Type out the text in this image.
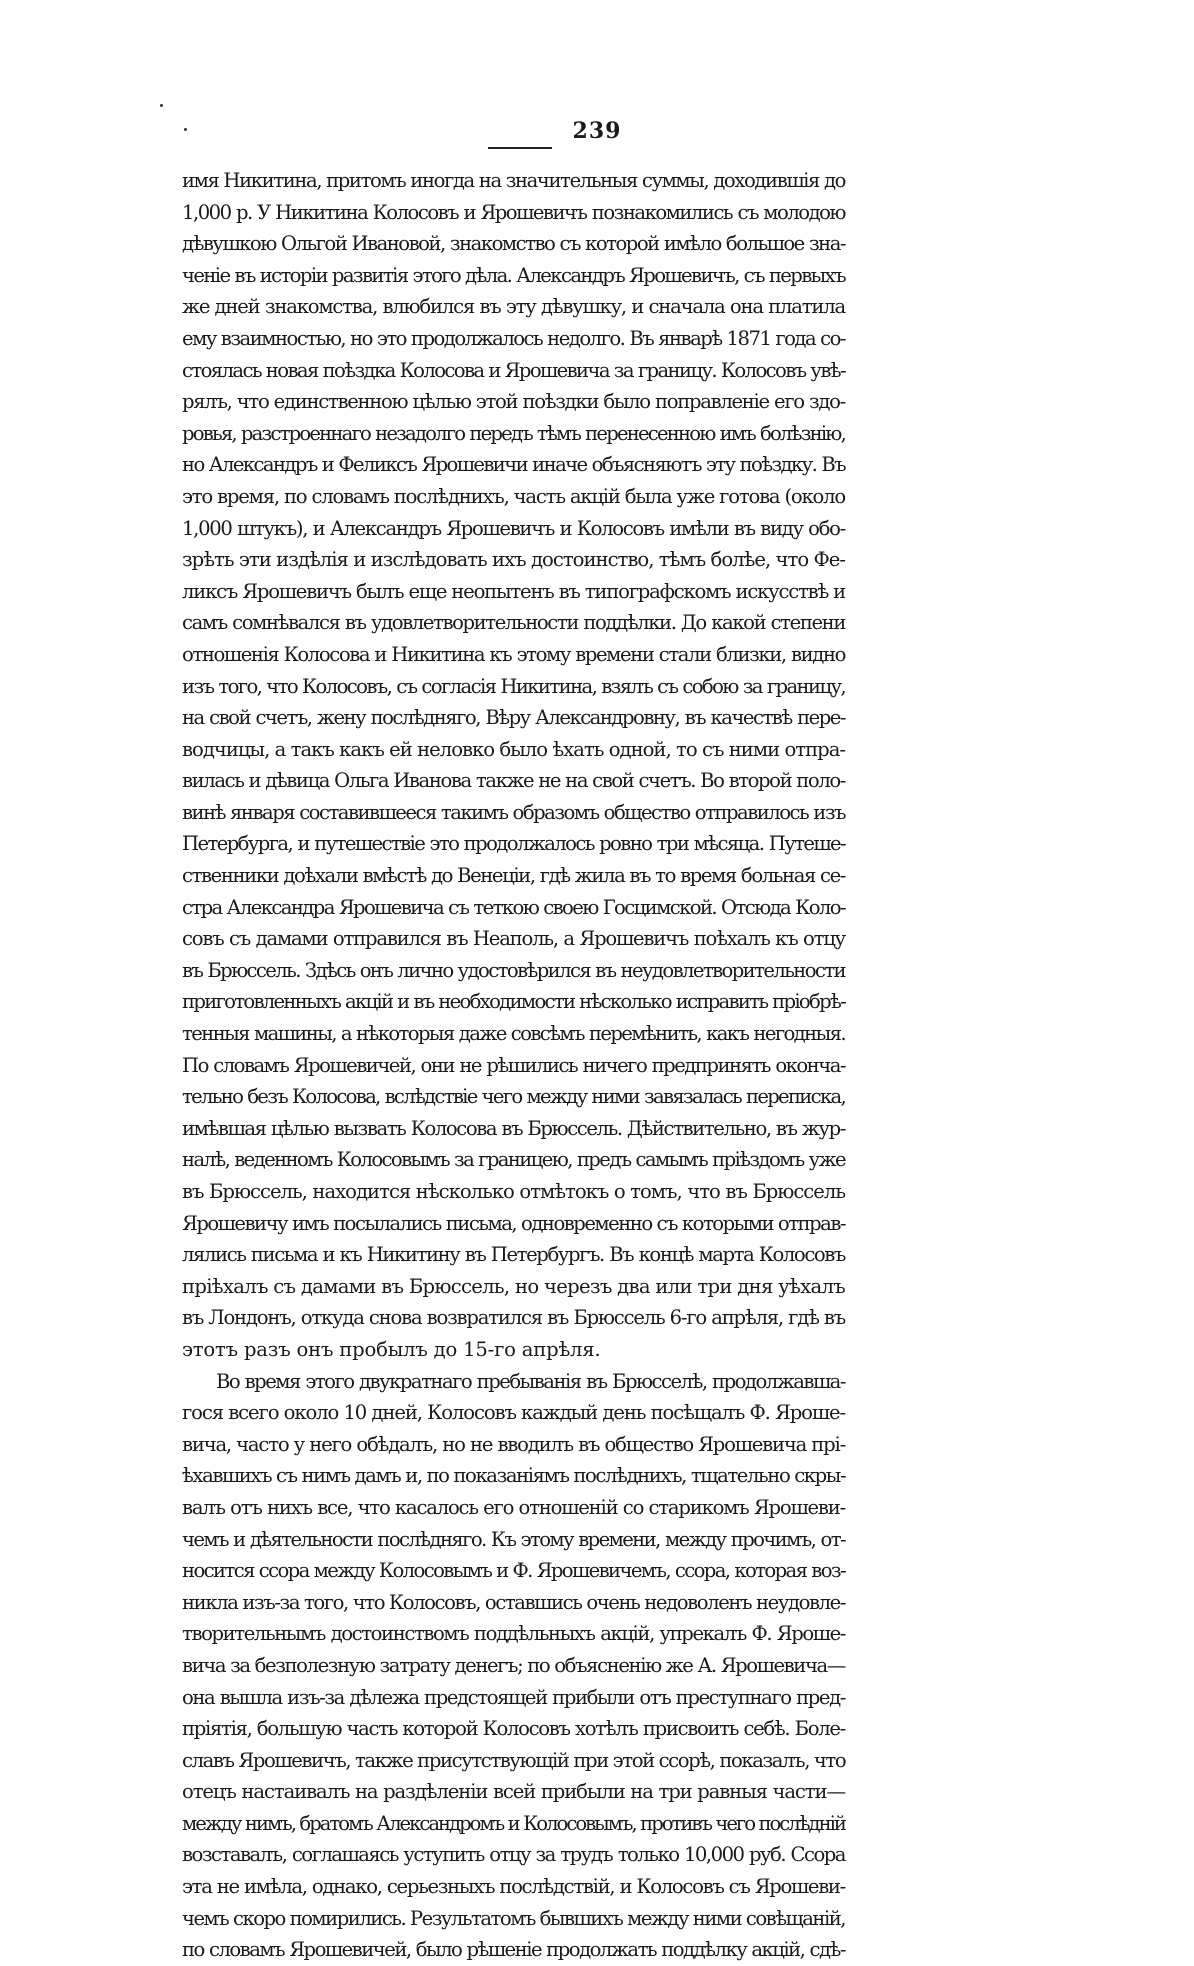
239
имя Никитина, притомъ иногда на значительныя суммы, доходившія до
1,000 р. У Никитина Колосовъ и Ярошевичъ познакомились съ молодою
дѣвушкою Ольгой Ивановой, знакомство съ которой имѣло большое зна-
ченіе въ исторіи развитія этого дѣла. Александръ Ярошевичъ, съ первыхъ
же дней знакомства, влюбился въ эту дѣвушку, и сначала она платила
ему взаимностью, но это продолжалось недолго. Въ январѣ 1871 года со-
стоялась новая поѣздка Колосова и Ярошевича за границу. Колосовъ увѣ-
рялъ, что единственною цѣлью этой поѣздки было поправленіе его здо-
ровья, разстроеннаго незадолго передъ тѣмъ перенесенною имъ болѣзнію,
но Александръ и Феликсъ Ярошевичи иначе объясняютъ эту поѣздку. Въ
это время, по словамъ послѣднихъ, часть акцій была уже готова (около
1,000 штукъ), и Александръ Ярошевичъ и Колосовъ имѣли въ виду обо-
зрѣть эти издѣлія и изслѣдовать ихъ достоинство, тѣмъ болѣе, что Фе-
ликсъ Ярошевичъ былъ еще неопытенъ въ типографскомъ искусствѣ и
самъ сомнѣвался въ удовлетворительности поддѣлки. До какой степени
отношенія Колосова и Никитина къ этому времени стали близки, видно
изъ того, что Колосовъ, съ согласія Никитина, взялъ съ собою за границу,
на свой счетъ, жену послѣдняго, Вѣру Александровну, въ качествѣ пере-
водчицы, а такъ какъ ей неловко было ѣхать одной, то съ ними отпра-
вилась и дѣвица Ольга Иванова также не на свой счетъ. Во второй поло-
винѣ января составившееся такимъ образомъ общество отправилось изъ
Петербурга, и путешествіе это продолжалось ровно три мѣсяца. Путеше-
ственники доѣхали вмѣстѣ до Венеціи, гдѣ жила въ то время больная се-
стра Александра Ярошевича съ теткою своею Госцимской. Отсюда Коло-
совъ съ дамами отправился въ Неаполь, а Ярошевичъ поѣхалъ къ отцу
въ Брюссель. Здѣсь онъ лично удостовѣрился въ неудовлетворительности
приготовленныхъ акцій и въ необходимости нѣсколько исправить пріобрѣ-
тенныя машины, а нѣкоторыя даже совсѣмъ перемѣнить, какъ негодныя.
По словамъ Ярошевичей, они не рѣшились ничего предпринять оконча-
тельно безъ Колосова, вслѣдствіе чего между ними завязалась переписка,
имѣвшая цѣлью вызвать Колосова въ Брюссель. Дѣйствительно, въ жур-
налѣ, веденномъ Колосовымъ за границею, предъ самымъ пріѣздомъ уже
въ Брюссель, находится нѣсколько отмѣтокъ о томъ, что въ Брюссель
Ярошевичу имъ посылались письма, одновременно съ которыми отправ-
лялись письма и къ Никитину въ Петербургъ. Въ концѣ марта Колосовъ
пріѣхалъ съ дамами въ Брюссель, но черезъ два или три дня уѣхалъ
въ Лондонъ, откуда снова возвратился въ Брюссель 6-го апрѣля, гдѣ въ
этотъ разъ онъ пробылъ до 15-го апрѣля.
Во время этого двукратнаго пребыванія въ Брюсселѣ, продолжавша-
гося всего около 10 дней, Колосовъ каждый день посѣщалъ Ф. Яроше-
вича, часто у него обѣдалъ, но не вводилъ въ общество Ярошевича прі-
ѣхавшихъ съ нимъ дамъ и, по показаніямъ послѣднихъ, тщательно скры-
валъ отъ нихъ все, что касалось его отношеній со старикомъ Ярошеви-
чемъ и дѣятельности послѣдняго. Къ этому времени, между прочимъ, от-
носится ссора между Колосовымъ и Ф. Ярошевичемъ, ссора, которая воз-
никла изъ-за того, что Колосовъ, оставшись очень недоволенъ неудовле-
творительнымъ достоинствомъ поддѣльныхъ акцій, упрекалъ Ф. Яроше-
вича за безполезную затрату денегъ; по объясненію же А. Ярошевича—
она вышла изъ-за дѣлежа предстоящей прибыли отъ преступнаго пред-
пріятія, большую часть которой Колосовъ хотѣлъ присвоить себѣ. Боле-
славъ Ярошевичъ, также присутствующій при этой ссорѣ, показалъ, что
отецъ настаивалъ на раздѣленіи всей прибыли на три равныя части—
между нимъ, братомъ Александромъ и Колосовымъ, противъ чего послѣдній
возставалъ, соглашаясь уступить отцу за трудъ только 10,000 руб. Ссора
эта не имѣла, однако, серьезныхъ послѣдствій, и Колосовъ съ Ярошеви-
чемъ скоро помирились. Результатомъ бывшихъ между ними совѣщаній,
по словамъ Ярошевичей, было рѣшеніе продолжать поддѣлку акцій, сдѣ-
